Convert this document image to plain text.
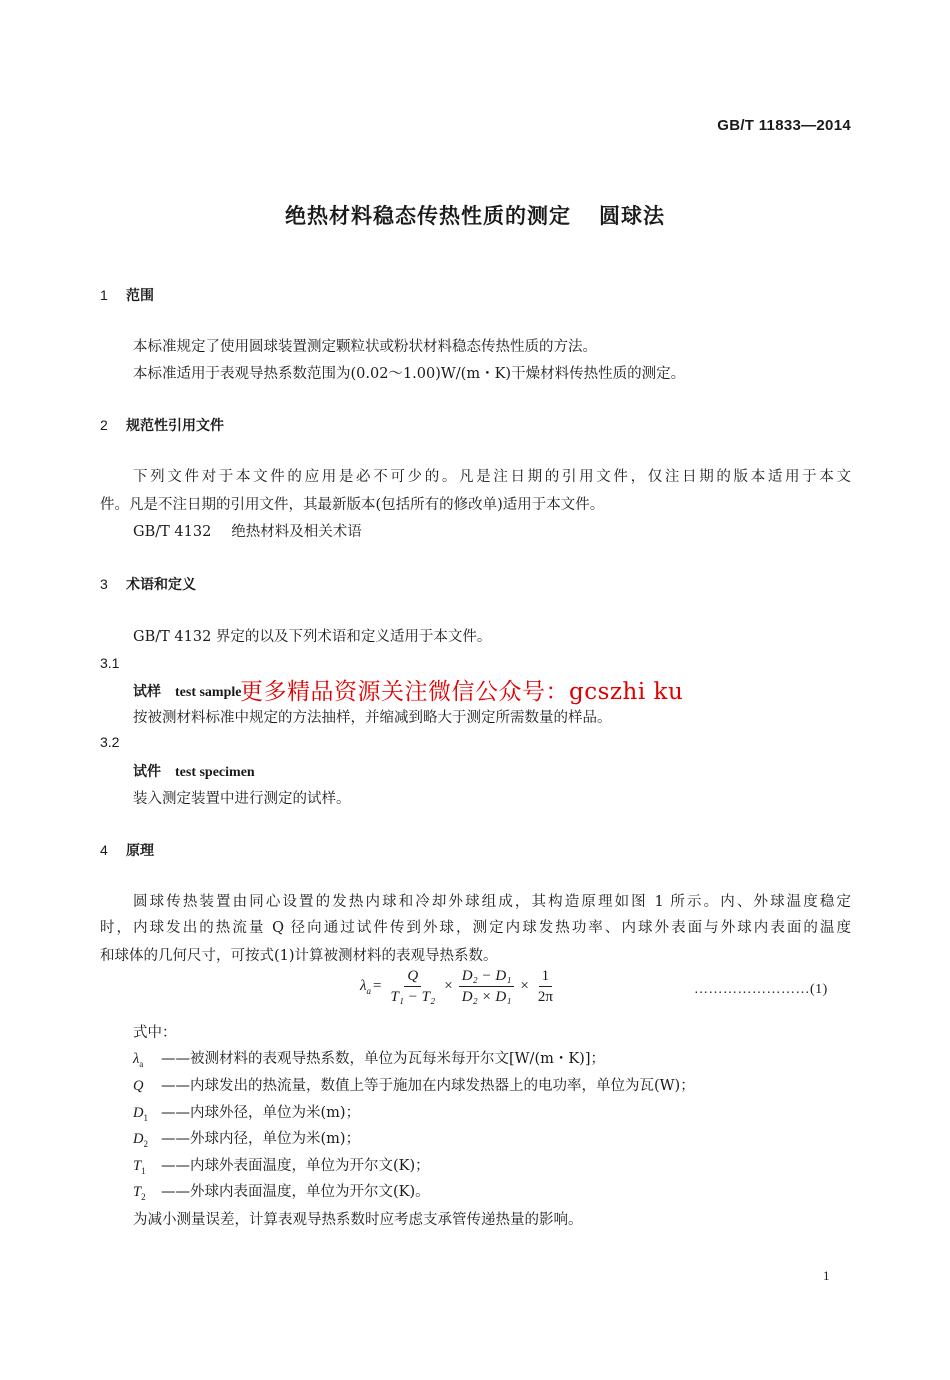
GB/T 11833—2014
绝热材料稳态传热性质的测定 圆球法
1 范围
本标准规定了使用圆球装置测定颗粒状或粉状材料稳态传热性质的方法。
本标准适用于表观导热系数范围为(0.02～1.00)W/(m・K)干燥材料传热性质的测定。
2 规范性引用文件
下列文件对于本文件的应用是必不可少的。凡是注日期的引用文件，仅注日期的版本适用于本文
件。凡是不注日期的引用文件，其最新版本(包括所有的修改单)适用于本文件。
GB/T 4132 绝热材料及相关术语
3 术语和定义
GB/T 4132 界定的以及下列术语和定义适用于本文件。
3.1
试样 test sample
按被测材料标准中规定的方法抽样，并缩减到略大于测定所需数量的样品。
3.2
试件 test specimen
装入测定装置中进行测定的试样。
更多精品资源关注微信公众号：gcszhi ku
4 原理
圆球传热装置由同心设置的发热内球和冷却外球组成，其构造原理如图 1 所示。内、外球温度稳定
时，内球发出的热流量 Q 径向通过试件传到外球，测定内球发热功率、内球外表面与外球内表面的温度
和球体的几何尺寸，可按式(1)计算被测材料的表观导热系数。
$\lambda_a = \frac{Q}{\text{T₁ − T₂}} \times \frac{\text{D₂ − D₁}}{\text{D₂ × D₁}} \times \frac{1}{2\pi}$	……………………(1)
式中：
$\lambda_a$ ——被测材料的表观导热系数，单位为瓦每米每开尔文[W/(m・K)]；
Q ——内球发出的热流量，数值上等于施加在内球发热器上的电功率，单位为瓦(W)；
$D_1$ ——内球外径，单位为米(m)；
$D_2$ ——外球内径，单位为米(m)；
$T_1$ ——内球外表面温度，单位为开尔文(K)；
$T_2$ ——外球内表面温度，单位为开尔文(K)。
为减小测量误差，计算表观导热系数时应考虑支承管传递热量的影响。
1
